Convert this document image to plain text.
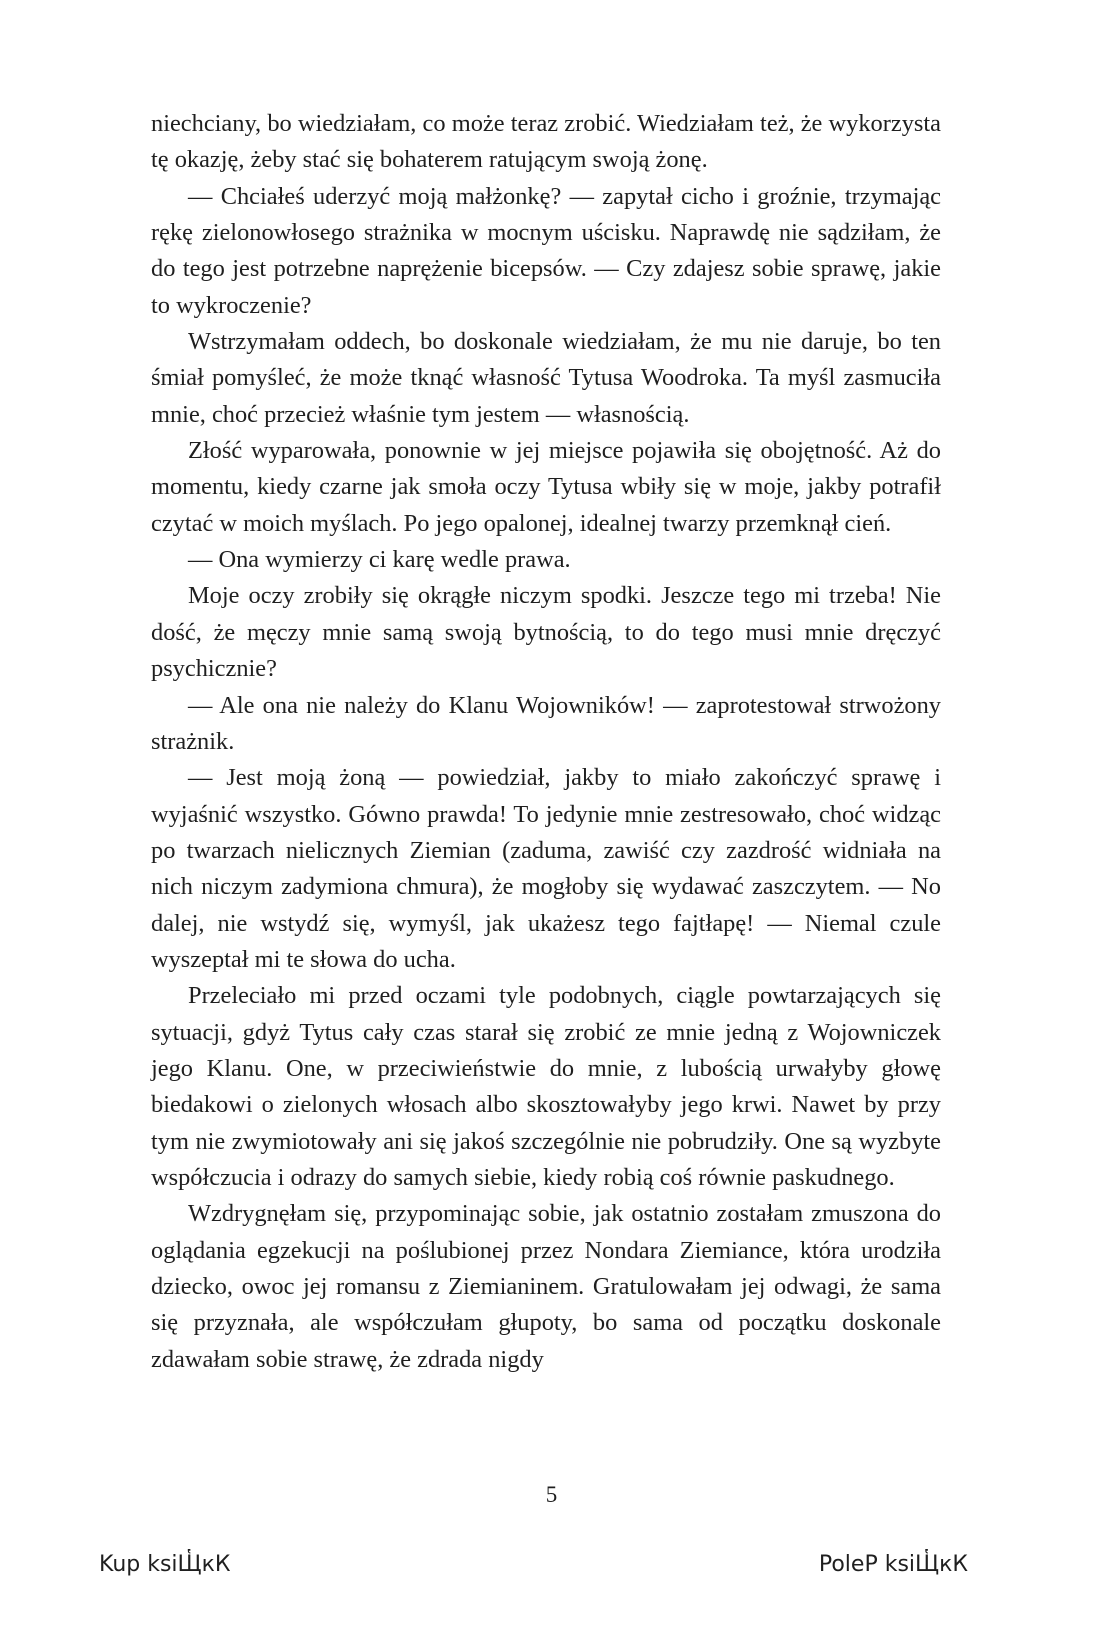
niechciany, bo wiedziałam, co może teraz zrobić. Wiedziałam też, że wykorzysta tę okazję, żeby stać się bohaterem ratującym swoją żonę.

— Chciałeś uderzyć moją małżonkę? — zapytał cicho i groźnie, trzymając rękę zielonowłosego strażnika w mocnym uścisku. Naprawdę nie sądziłam, że do tego jest potrzebne naprężenie bicepsów. — Czy zdajesz sobie sprawę, jakie to wykroczenie?

Wstrzymałam oddech, bo doskonale wiedziałam, że mu nie daruje, bo ten śmiał pomyśleć, że może tknąć własność Tytusa Woodroka. Ta myśl zasmuciła mnie, choć przecież właśnie tym jestem — własnością.

Złość wyparowała, ponownie w jej miejsce pojawiła się obojętność. Aż do momentu, kiedy czarne jak smoła oczy Tytusa wbiły się w moje, jakby potrafił czytać w moich myślach. Po jego opalonej, idealnej twarzy przemknął cień.

— Ona wymierzy ci karę wedle prawa.

Moje oczy zrobiły się okrągłe niczym spodki. Jeszcze tego mi trzeba! Nie dość, że męczy mnie samą swoją bytnością, to do tego musi mnie dręczyć psychicznie?

— Ale ona nie należy do Klanu Wojowników! — zaprotestował strwożony strażnik.

— Jest moją żoną — powiedział, jakby to miało zakończyć sprawę i wyjaśnić wszystko. Gówno prawda! To jedynie mnie zestresowało, choć widząc po twarzach nielicznych Ziemian (zaduma, zawiść czy zazdrość widniała na nich niczym zadymiona chmura), że mogłoby się wydawać zaszczytem. — No dalej, nie wstydź się, wymyśl, jak ukażesz tego fajtłapę! — Niemal czule wyszeptał mi te słowa do ucha.

Przeleciało mi przed oczami tyle podobnych, ciągle powtarzających się sytuacji, gdyż Tytus cały czas starał się zrobić ze mnie jedną z Wojowniczek jego Klanu. One, w przeciwieństwie do mnie, z lubością urwałyby głowę biedakowi o zielonych włosach albo skosztowałyby jego krwi. Nawet by przy tym nie zwymiotowały ani się jakoś szczególnie nie pobrudziły. One są wyzbyte współczucia i odrazy do samych siebie, kiedy robią coś równie paskudnego.

Wzdrygnęłam się, przypominając sobie, jak ostatnio zostałam zmuszona do oglądania egzekucji na poślubionej przez Nondara Ziemiance, która urodziła dziecko, owoc jej romansu z Ziemianinem. Gratulowałam jej odwagi, że sama się przyznała, ale współczułam głupoty, bo sama od początku doskonale zdawałam sobie strawę, że zdrada nigdy

5
Kup ksiЩ҅кК	PoleР ksiЩ҅кК
